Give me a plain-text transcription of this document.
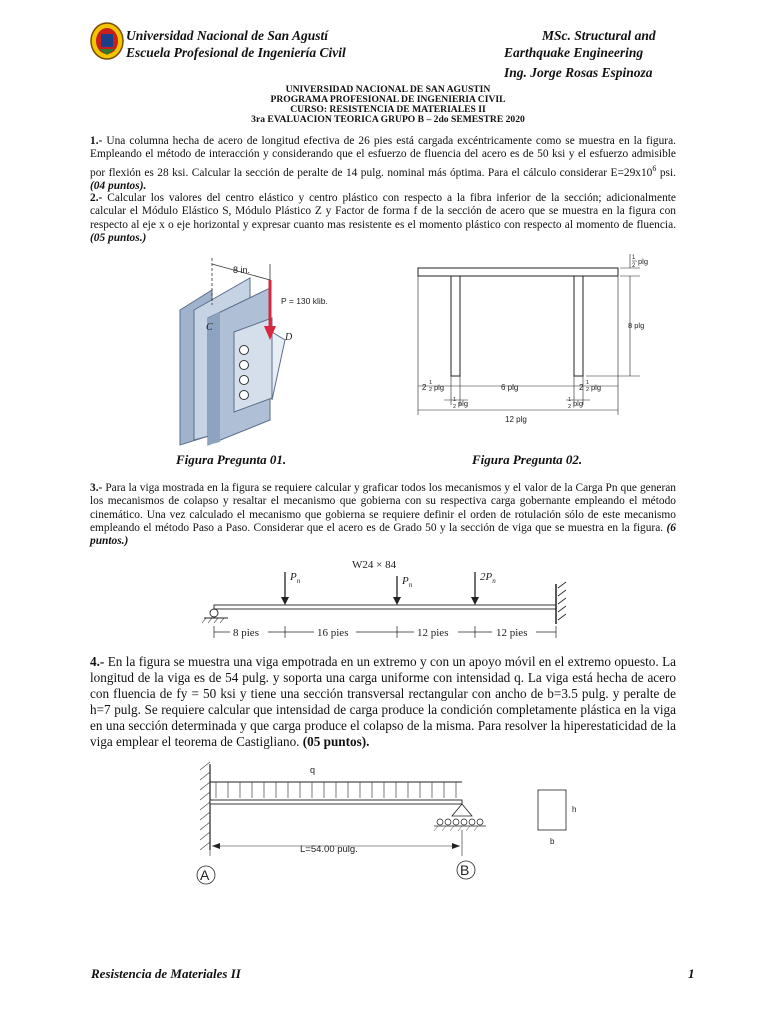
Universidad Nacional de San Agustí
Escuela Profesional de Ingeniería Civil
MSc. Structural and
Earthquake Engineering
Ing. Jorge Rosas Espinoza
UNIVERSIDAD NACIONAL DE SAN AGUSTIN
PROGRAMA PROFESIONAL DE INGENIERIA CIVIL
CURSO: RESISTENCIA DE MATERIALES II
3ra EVALUACION TEORICA GRUPO B – 2do SEMESTRE 2020
1.- Una columna hecha de acero de longitud efectiva de 26 pies está cargada excéntricamente como se muestra en la figura. Empleando el método de interacción y considerando que el esfuerzo de fluencia del acero es de 50 ksi y el esfuerzo admisible por flexión es 28 ksi. Calcular la sección de peralte de 14 pulg. nominal más óptima. Para el cálculo considerar $E=29x10^6$ psi. (04 puntos).
2.- Calcular los valores del centro elástico y centro plástico con respecto a la fibra inferior de la sección; adicionalmente calcular el Módulo Elástico S, Módulo Plástico Z y Factor de forma f de la sección de acero que se muestra en la figura con respecto al eje x o eje horizontal y expresar cuanto mas resistente es el momento plástico con respecto al momento de fluencia. (05 puntos.)
8 in.
P = 130 klib.
C
D
1
2 plg
8 plg
2 1
2 plg	6 plg	2 1
2 plg
1
2 plg	1
2 plg
12 plg
Figura Pregunta 01.	Figura Pregunta 02.
3.- Para la viga mostrada en la figura se requiere calcular y graficar todos los mecanismos y el valor de la Carga Pn que generan los mecanismos de colapso y resaltar el mecanismo que gobierna con su respectiva carga gobernante empleando el método cinemático. Una vez calculado el mecanismo que gobierna se requiere definir el orden de rotulación sólo de este mecanismo empleando el método Paso a Paso. Considerar que el acero es de Grado 50 y la sección de viga que se muestra en la figura. (6 puntos.)
W24 × 84
$P_n$	$P_n$
$2P_n$
8 pies	16 pies	12 pies	12 pies
4.- En la figura se muestra una viga empotrada en un extremo y con un apoyo móvil en el extremo opuesto. La longitud de la viga es de 54 pulg. y soporta una carga uniforme con intensidad q. La viga está hecha de acero con fluencia de fy = 50 ksi y tiene una sección transversal rectangular con ancho de b=3.5 pulg. y peralte de h=7 pulg. Se requiere calcular que intensidad de carga produce la condición completamente plástica en la viga en una sección determinada y que carga produce el colapso de la misma. Para resolver la hiperestaticidad de la viga emplear el teorema de Castigliano. (05 puntos).
q
L=54.00 pulg.
A	B
h
b
Resistencia de Materiales II	1
